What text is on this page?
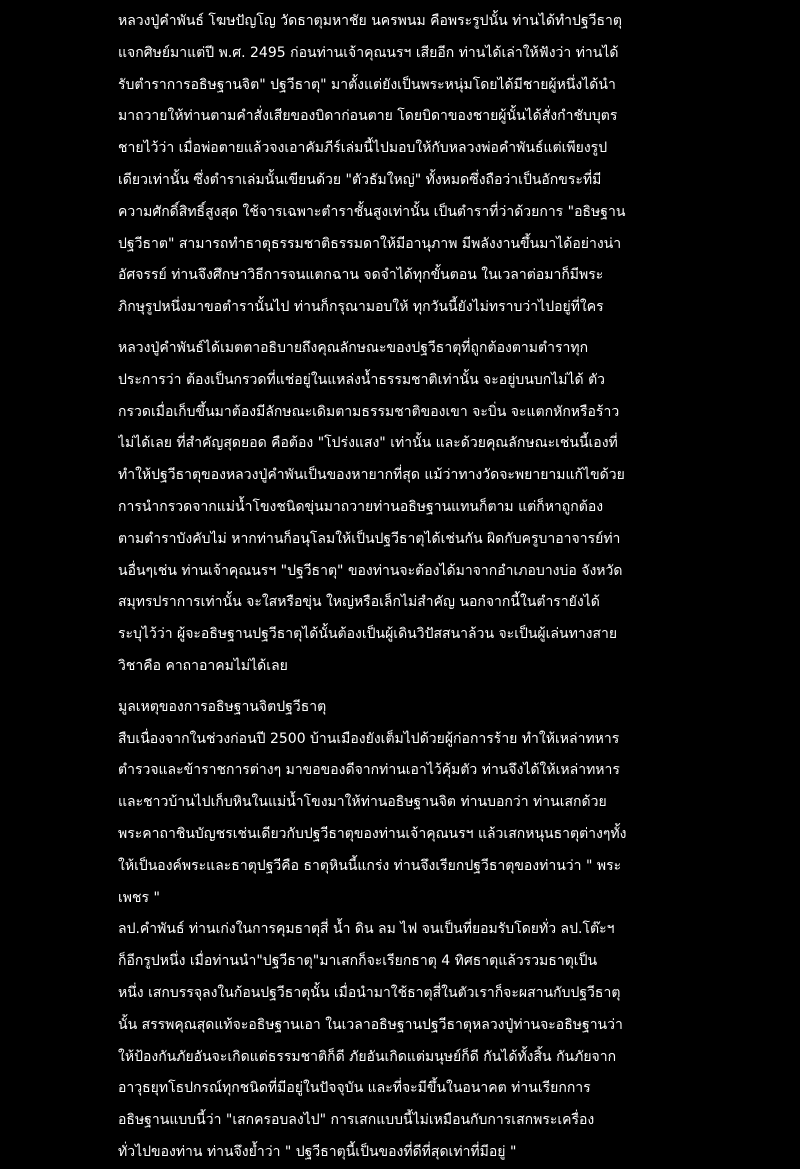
หลวงปู่คำพันธ์ โฆษปัญโญ วัดธาตุมหาชัย นครพนม คือพระรูปนั้น ท่านได้ทำปฐวีธาตุ
แจกศิษย์มาแต่ปี พ.ศ. 2495 ก่อนท่านเจ้าคุณนรฯ เสียอีก ท่านได้เล่าให้ฟังว่า ท่านได้
รับตำราการอธิษฐานจิต" ปฐวีธาตุ" มาตั้งแต่ยังเป็นพระหนุ่มโดยได้มีชายผู้หนึ่งได้นำ
มาถวายให้ท่านตามคำสั่งเสียของบิดาก่อนตาย โดยบิดาของชายผู้นั้นได้สั่งกำชับบุตร
ชายไว้ว่า เมื่อพ่อตายแล้วจงเอาคัมภีร์เล่มนี้ไปมอบให้กับหลวงพ่อคำพันธ์แต่เพียงรูป
เดียวเท่านั้น ซึ่งตำราเล่มนั้นเขียนด้วย "ตัวธัมใหญ่" ทั้งหมดซึ่งถือว่าเป็นอักขระที่มี
ความศักดิ์สิทธิ์สูงสุด ใช้จารเฉพาะตำราชั้นสูงเท่านั้น เป็นตำราที่ว่าด้วยการ "อธิษฐาน
ปฐวีธาต" สามารถทำธาตุธรรมชาติธรรมดาให้มีอานุภาพ มีพลังงานขึ้นมาได้อย่างน่า
อัศจรรย์ ท่านจึงศึกษาวิธีการจนแตกฉาน จดจำได้ทุกขั้นตอน ในเวลาต่อมาก็มีพระ
ภิกษุรูปหนึ่งมาขอตำรานั้นไป ท่านก็กรุณามอบให้ ทุกวันนี้ยังไม่ทราบว่าไปอยู่ที่ใคร
หลวงปู่คำพันธ์ได้เมตตาอธิบายถึงคุณลักษณะของปฐวีธาตุที่ถูกต้องตามตำราทุก
ประการว่า ต้องเป็นกรวดที่แช่อยู่ในแหล่งน้ำธรรมชาติเท่านั้น จะอยู่บนบกไม่ได้ ตัว
กรวดเมื่อเก็บขึ้นมาต้องมีลักษณะเดิมตามธรรมชาติของเขา จะบิ่น จะแตกหักหรือร้าว
ไม่ได้เลย ที่สำคัญสุดยอด คือต้อง "โปร่งแสง" เท่านั้น และด้วยคุณลักษณะเช่นนี้เองที่
ทำให้ปฐวีธาตุของหลวงปู่คำพันเป็นของหายากที่สุด แม้ว่าทางวัดจะพยายามแก้ไขด้วย
การนำกรวดจากแม่น้ำโขงชนิดขุ่นมาถวายท่านอธิษฐานแทนก็ตาม แต่ก็หาถูกต้อง
ตามตำราบังคับไม่ หากท่านก็อนุโลมให้เป็นปฐวีธาตุได้เช่นกัน ผิดกับครูบาอาจารย์ท่า
นอื่นๆเช่น ท่านเจ้าคุณนรฯ "ปฐวีธาตุ" ของท่านจะต้องได้มาจากอำเภอบางบ่อ จังหวัด
สมุทรปราการเท่านั้น จะใสหรือขุ่น ใหญ่หรือเล็กไม่สำคัญ นอกจากนี้ในตำรายังได้
ระบุไว้ว่า ผู้จะอธิษฐานปฐวีธาตุได้นั้นต้องเป็นผู้เดินวิปัสสนาล้วน จะเป็นผู้เล่นทางสาย
วิชาคือ คาถาอาคมไม่ได้เลย
มูลเหตุของการอธิษฐานจิตปฐวีธาตุ
สืบเนื่องจากในช่วงก่อนปี 2500 บ้านเมืองยังเต็มไปด้วยผู้ก่อการร้าย ทำให้เหล่าทหาร
ตำรวจและข้าราชการต่างๆ มาขอของดีจากท่านเอาไว้คุ้มตัว ท่านจึงได้ให้เหล่าทหาร
และชาวบ้านไปเก็บหินในแม่น้ำโขงมาให้ท่านอธิษฐานจิต ท่านบอกว่า ท่านเสกด้วย
พระคาถาชินบัญชรเช่นเดียวกับปฐวีธาตุของท่านเจ้าคุณนรฯ แล้วเสกหนุนธาตุต่างๆทั้ง
ให้เป็นองค์พระและธาตุปฐวีคือ ธาตุหินนี้แกร่ง ท่านจึงเรียกปฐวีธาตุของท่านว่า " พระ
เพชร "
ลป.คำพันธ์ ท่านเก่งในการคุมธาตุสี่ น้ำ ดิน ลม ไฟ จนเป็นที่ยอมรับโดยทั่ว ลป.โต๊ะฯ
ก็อีกรูปหนึ่ง เมื่อท่านนำ"ปฐวีธาตุ"มาเสกก็จะเรียกธาตุ 4 ทิศธาตุแล้วรวมธาตุเป็น
หนึ่ง เสกบรรจุลงในก้อนปฐวีธาตุนั้น เมื่อนำมาใช้ธาตุสี่ในตัวเราก็จะผสานกับปฐวีธาตุ
นั้น สรรพคุณสุดแท้จะอธิษฐานเอา ในเวลาอธิษฐานปฐวีธาตุหลวงปู่ท่านจะอธิษฐานว่า
ให้ป้องกันภัยอันจะเกิดแต่ธรรมชาติก็ดี ภัยอันเกิดแต่มนุษย์ก็ดี กันได้ทั้งสิ้น กันภัยจาก
อาวุธยุทโธปกรณ์ทุกชนิดที่มีอยู่ในปัจจุบัน และที่จะมีขึ้นในอนาคต ท่านเรียกการ
อธิษฐานแบบนี้ว่า "เสกครอบลงไป" การเสกแบบนี้ไม่เหมือนกับการเสกพระเครื่อง
ทั่วไปของท่าน ท่านจึงย้ำว่า " ปฐวีธาตุนี้เป็นของที่ดีที่สุดเท่าที่มีอยู่ "
